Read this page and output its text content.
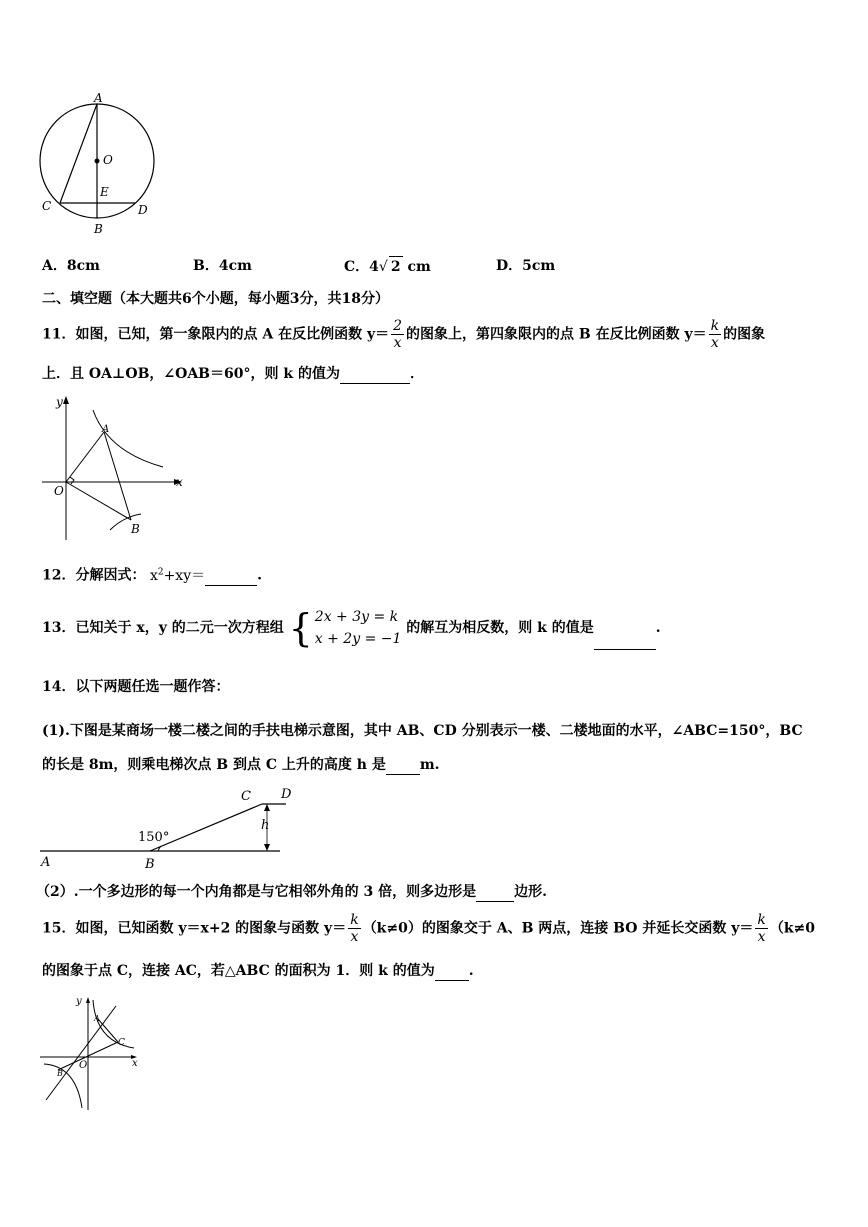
A
O
E
C	D
B
A．8cm	B．4cm	C．4√ 2 cm	D．5cm
二、填空题（本大题共6个小题，每小题3分，共18分）
11．如图，已知，第一象限内的点 A 在反比例函数 $y= \frac{2}{x}$ 的图象上，第四象限内的点 B 在反比例函数 $y= \frac{k}{x}$ 的图象
上．且 OA⊥OB，∠OAB＝60°，则 k 的值为	．
y
x
O
A
B
12．分解因式： $x^2+xy=$	.
13．已知关于 x，y 的二元一次方程组 { 2x + 3y = k
x + 2y = −1
的解互为相反数，则 k 的值是	.
14．以下两题任选一题作答：
(1).下图是某商场一楼二楼之间的手扶电梯示意图，其中 AB、CD 分别表示一楼、二楼地面的水平，∠ABC=150°，BC
的长是 8m，则乘电梯次点 B 到点 C 上升的高度 h 是 m.
C D
h
150°
A	B
（2）.一个多边形的每一个内角都是与它相邻外角的 3 倍，则多边形是	边形.
15．如图，已知函数 y＝x+2 的图象与函数 $y= \frac{k}{x} (k\ne 0)$的图象交于 A、B 两点，连接 BO 并延长交函数 $y= \frac{k}{x} (k\ne 0$
的图象于点 C，连接 AC，若△ABC 的面积为 1．则 k 的值为 .
y
x
O
A
B
C
